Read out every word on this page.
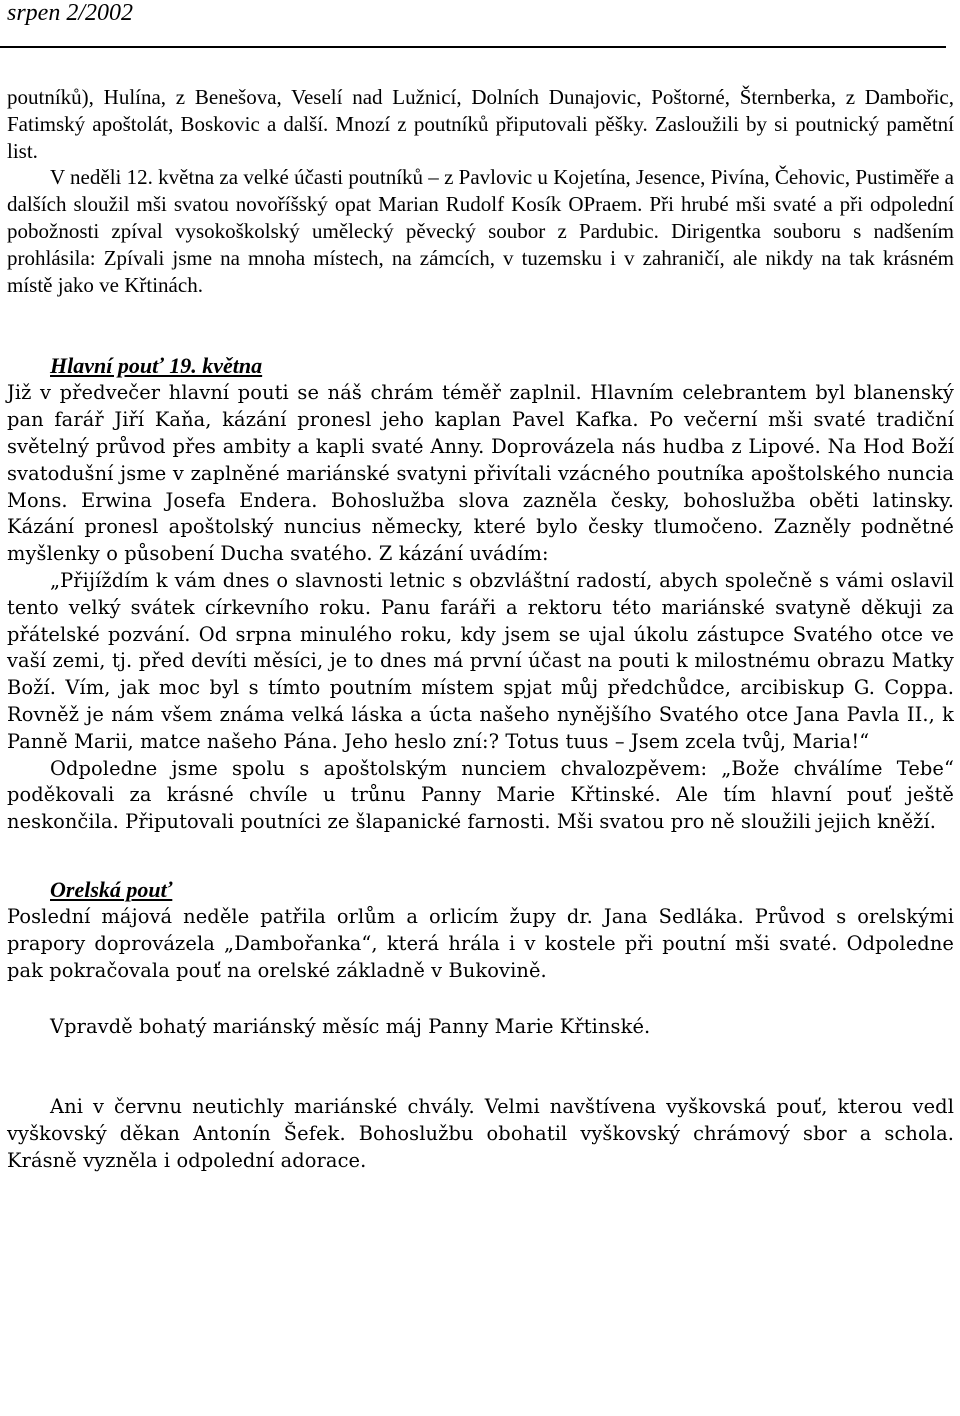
srpen 2/2002

poutníků), Hulína, z Benešova, Veselí nad Lužnicí, Dolních Dunajovic, Poštorné, Šternberka, z Dambořic, Fatimský apoštolát, Boskovic a další. Mnozí z poutníků připutovali pěšky. Zasloužili by si poutnický pamětní list.

V neděli 12. května za velké účasti poutníků – z Pavlovic u Kojetína, Jesence, Pivína, Čehovic, Pustiměře a dalších sloužil mši svatou novoříšský opat Marian Rudolf Kosík OPraem. Při hrubé mši svaté a při odpolední pobožnosti zpíval vysokoškolský umělecký pěvecký soubor z Pardubic. Dirigentka souboru s nadšením prohlásila: Zpívali jsme na mnoha místech, na zámcích, v tuzemsku i v zahraničí, ale nikdy na tak krásném místě jako ve Křtinách.

Hlavní pouť 19. května

Již v předvečer hlavní pouti se náš chrám téměř zaplnil. Hlavním celebrantem byl blanenský pan farář Jiří Kaňa, kázání pronesl jeho kaplan Pavel Kafka. Po večerní mši svaté tradiční světelný průvod přes ambity a kapli svaté Anny. Doprovázela nás hudba z Lipové. Na Hod Boží svatodušní jsme v zaplněné mariánské svatyni přivítali vzácného poutníka apoštolského nuncia Mons. Erwina Josefa Endera. Bohoslužba slova zazněla česky, bohoslužba oběti latinsky. Kázání pronesl apoštolský nuncius německy, které bylo česky tlumočeno. Zazněly podnětné myšlenky o působení Ducha svatého. Z kázání uvádím:

„Přijíždím k vám dnes o slavnosti letnic s obzvláštní radostí, abych společně s vámi oslavil tento velký svátek církevního roku. Panu faráři a rektoru této mariánské svatyně děkuji za přátelské pozvání. Od srpna minulého roku, kdy jsem se ujal úkolu zástupce Svatého otce ve vaší zemi, tj. před devíti měsíci, je to dnes má první účast na pouti k milostnému obrazu Matky Boží. Vím, jak moc byl s tímto poutním místem spjat můj předchůdce, arcibiskup G. Coppa. Rovněž je nám všem známa velká láska a úcta našeho nynějšího Svatého otce Jana Pavla II., k Panně Marii, matce našeho Pána. Jeho heslo zní:? Totus tuus – Jsem zcela tvůj, Maria!“

Odpoledne jsme spolu s apoštolským nunciem chvalozpěvem: „Bože chválíme Tebe“ poděkovali za krásné chvíle u trůnu Panny Marie Křtinské. Ale tím hlavní pouť ještě neskončila. Připutovali poutníci ze šlapanické farnosti. Mši svatou pro ně sloužili jejich kněží.

Orelská pouť

Poslední májová neděle patřila orlům a orlicím župy dr. Jana Sedláka. Průvod s orelskými prapory doprovázela „Dambořanka“, která hrála i v kostele při poutní mši svaté. Odpoledne pak pokračovala pouť na orelské základně v Bukovině.

Vpravdě bohatý mariánský měsíc máj Panny Marie Křtinské.

Ani v červnu neutichly mariánské chvály. Velmi navštívena vyškovská pouť, kterou vedl vyškovský děkan Antonín Šefek. Bohoslužbu obohatil vyškovský chrámový sbor a schola. Krásně vyzněla i odpolední adorace.
